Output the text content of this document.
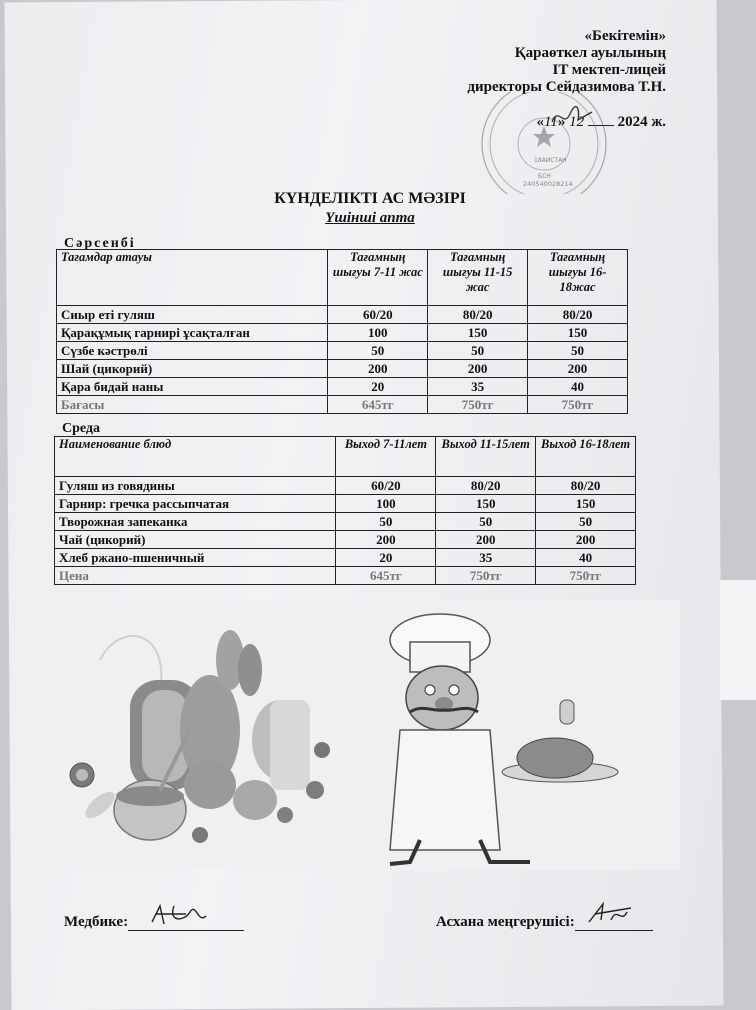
«Бекітемін»
Қараөткел ауылының
IT мектеп-лицей
директоры Сейдазимова Т.Н.
«11» 12 2024 ж.
18АЙСТАН
БСН
240540028214
КҮНДЕЛІКТІ АС МӘЗІРІ
Үшінші апта
Сәрсенбі
Тағамдар атауы	Тағамның шығуы 7-11 жас	Тағамның шығуы 11-15 жас	Тағамның шығуы 16-18жас
Сиыр еті гуляш	60/20	80/20	80/20
Қарақұмық гарнирі ұсақталған	100	150	150
Сүзбе кәстрөлі	50	50	50
Шай (цикорий)	200	200	200
Қара бидай наны	20	35	40
Бағасы	645тг	750тг	750тг
Среда
Наименование блюд	Выход 7-11лет	Выход 11-15лет	Выход 16-18лет
Гуляш из говядины	60/20	80/20	80/20
Гарнир: гречка рассыпчатая	100	150	150
Творожная запеканка	50	50	50
Чай (цикорий)	200	200	200
Хлеб ржано-пшеничный	20	35	40
Цена	645тг	750тг	750тг
Медбике:	Асхана меңгерушісі:
